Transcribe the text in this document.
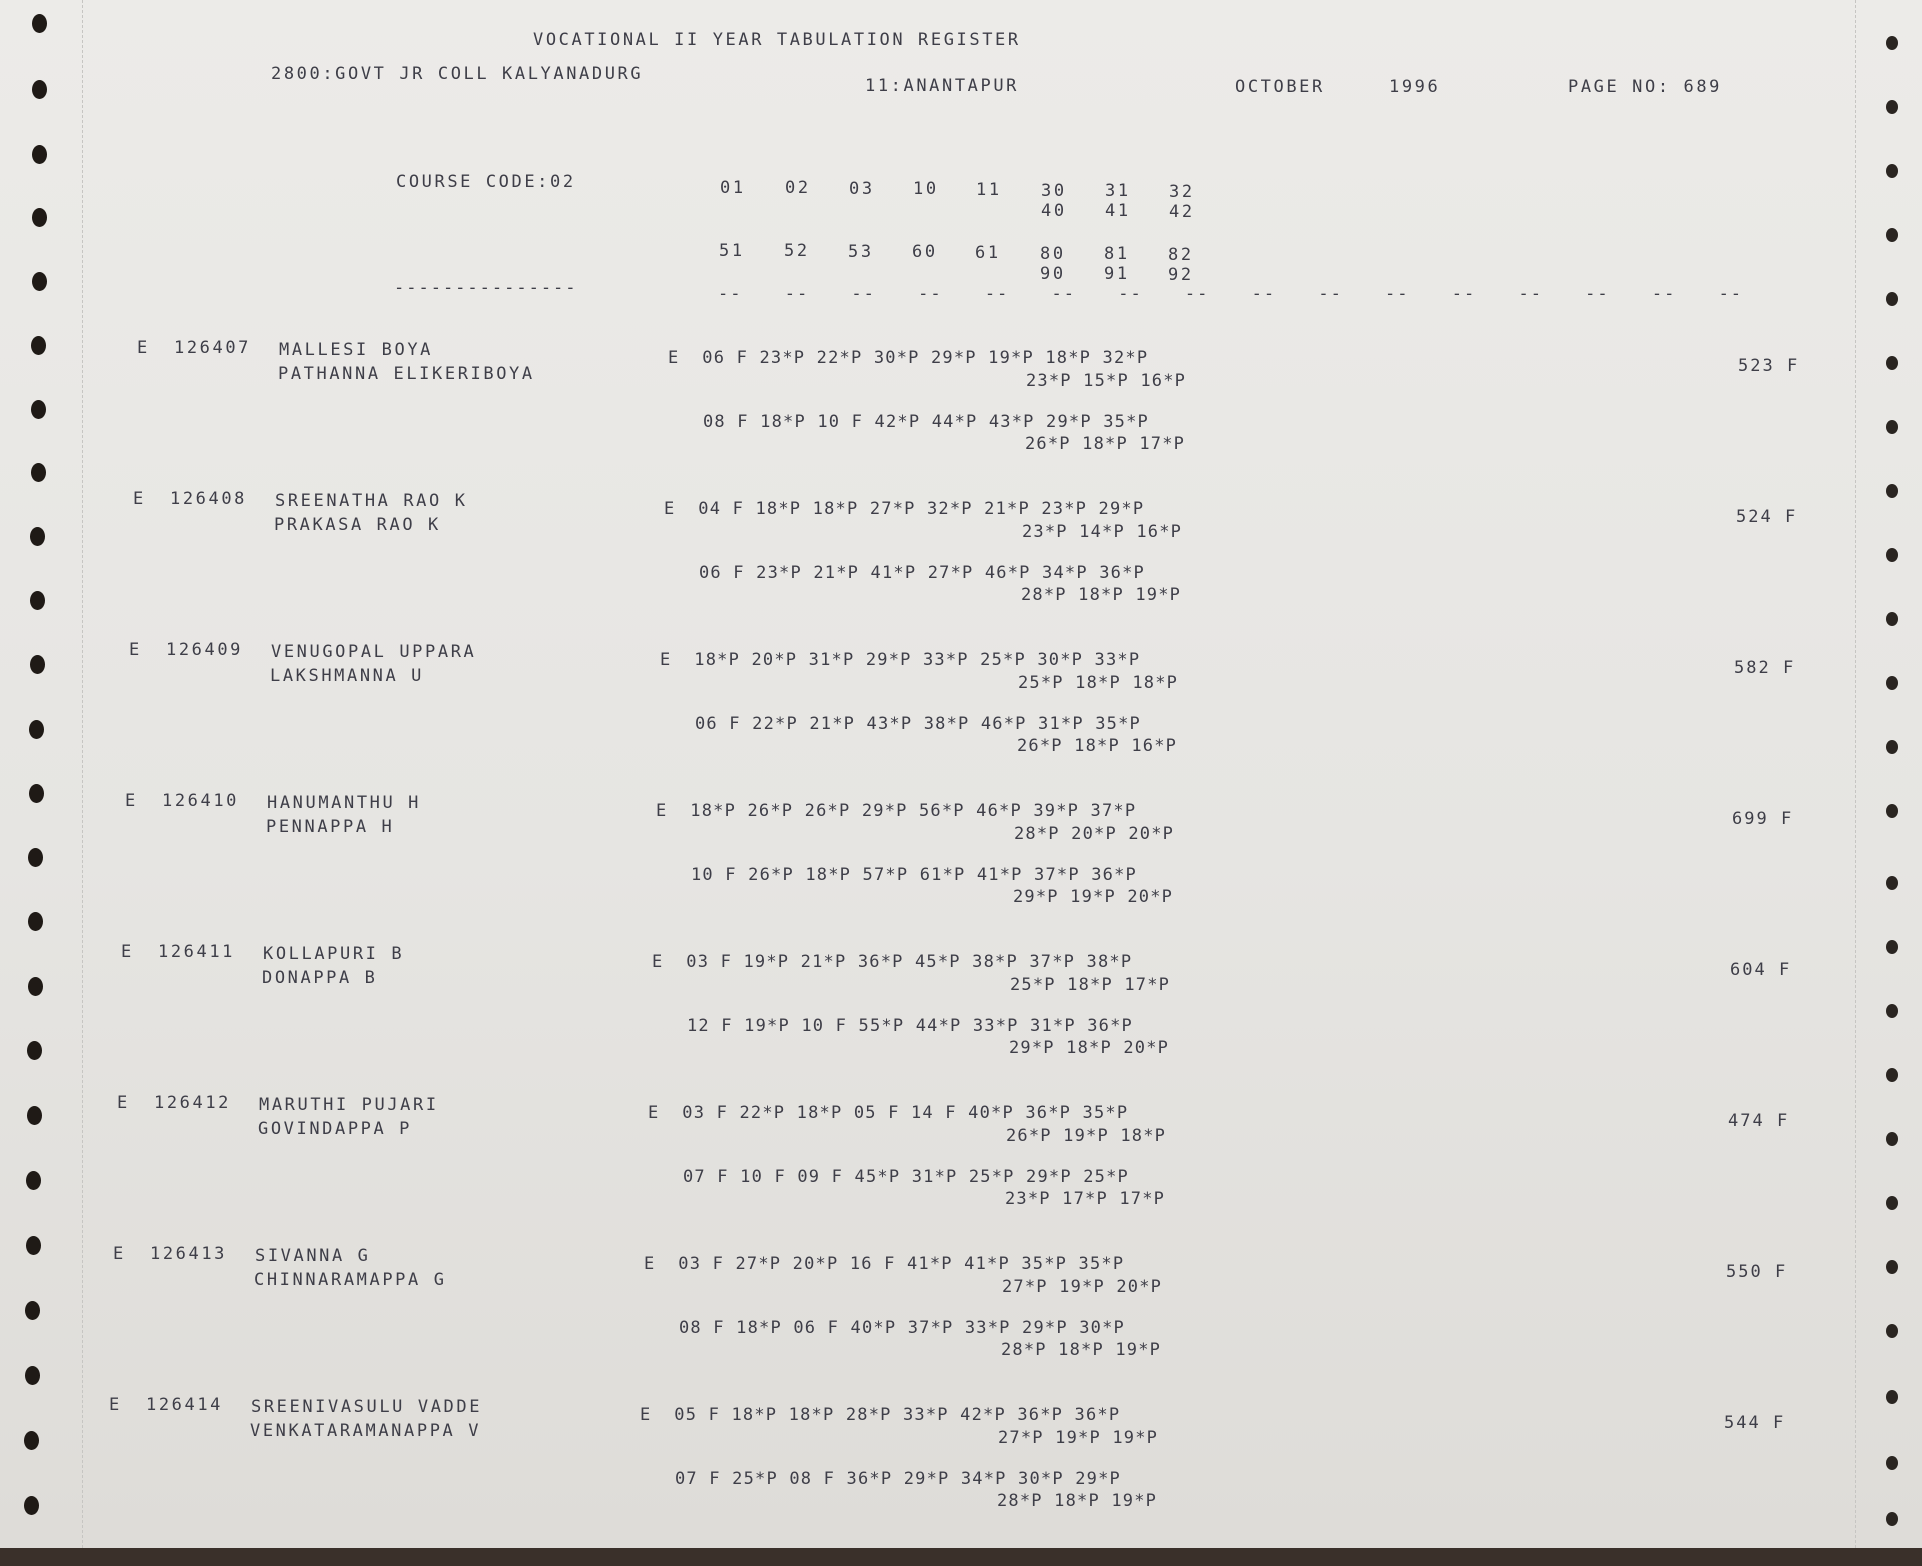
VOCATIONAL II YEAR TABULATION REGISTER
2800:GOVT JR COLL KALYANADURG
11:ANANTAPUR	OCTOBER	1996	PAGE NO: 689
COURSE CODE:02	01 02 03 10 11 30 31 32
40 41 42
51 52 53 60 61 80 81 82
90 91 92
---------------	-- -- -- -- -- -- -- -- -- -- -- -- -- -- -- --
E 126407 MALLESI BOYA
PATHANNA ELIKERIBOYA
E  06 F 23*P 22*P 30*P 29*P 19*P 18*P 32*P
23*P 15*P 16*P
08 F 18*P 10 F 42*P 44*P 43*P 29*P 35*P
26*P 18*P 17*P
523 F
E 126408 SREENATHA RAO K
PRAKASA RAO K
E  04 F 18*P 18*P 27*P 32*P 21*P 23*P 29*P
23*P 14*P 16*P
06 F 23*P 21*P 41*P 27*P 46*P 34*P 36*P
28*P 18*P 19*P
524 F
E 126409 VENUGOPAL UPPARA
LAKSHMANNA U
E  18*P 20*P 31*P 29*P 33*P 25*P 30*P 33*P
25*P 18*P 18*P
06 F 22*P 21*P 43*P 38*P 46*P 31*P 35*P
26*P 18*P 16*P
582 F
E 126410 HANUMANTHU H
PENNAPPA H
E  18*P 26*P 26*P 29*P 56*P 46*P 39*P 37*P
28*P 20*P 20*P
10 F 26*P 18*P 57*P 61*P 41*P 37*P 36*P
29*P 19*P 20*P
699 F
E 126411 KOLLAPURI B
DONAPPA B
E  03 F 19*P 21*P 36*P 45*P 38*P 37*P 38*P
25*P 18*P 17*P
12 F 19*P 10 F 55*P 44*P 33*P 31*P 36*P
29*P 18*P 20*P
604 F
E 126412 MARUTHI PUJARI
GOVINDAPPA P
E  03 F 22*P 18*P 05 F 14 F 40*P 36*P 35*P
26*P 19*P 18*P
07 F 10 F 09 F 45*P 31*P 25*P 29*P 25*P
23*P 17*P 17*P
474 F
E 126413 SIVANNA G
CHINNARAMAPPA G
E  03 F 27*P 20*P 16 F 41*P 41*P 35*P 35*P
27*P 19*P 20*P
08 F 18*P 06 F 40*P 37*P 33*P 29*P 30*P
28*P 18*P 19*P
550 F
E 126414 SREENIVASULU VADDE
VENKATARAMANAPPA V
E  05 F 18*P 18*P 28*P 33*P 42*P 36*P 36*P
27*P 19*P 19*P
07 F 25*P 08 F 36*P 29*P 34*P 30*P 29*P
28*P 18*P 19*P
544 F
